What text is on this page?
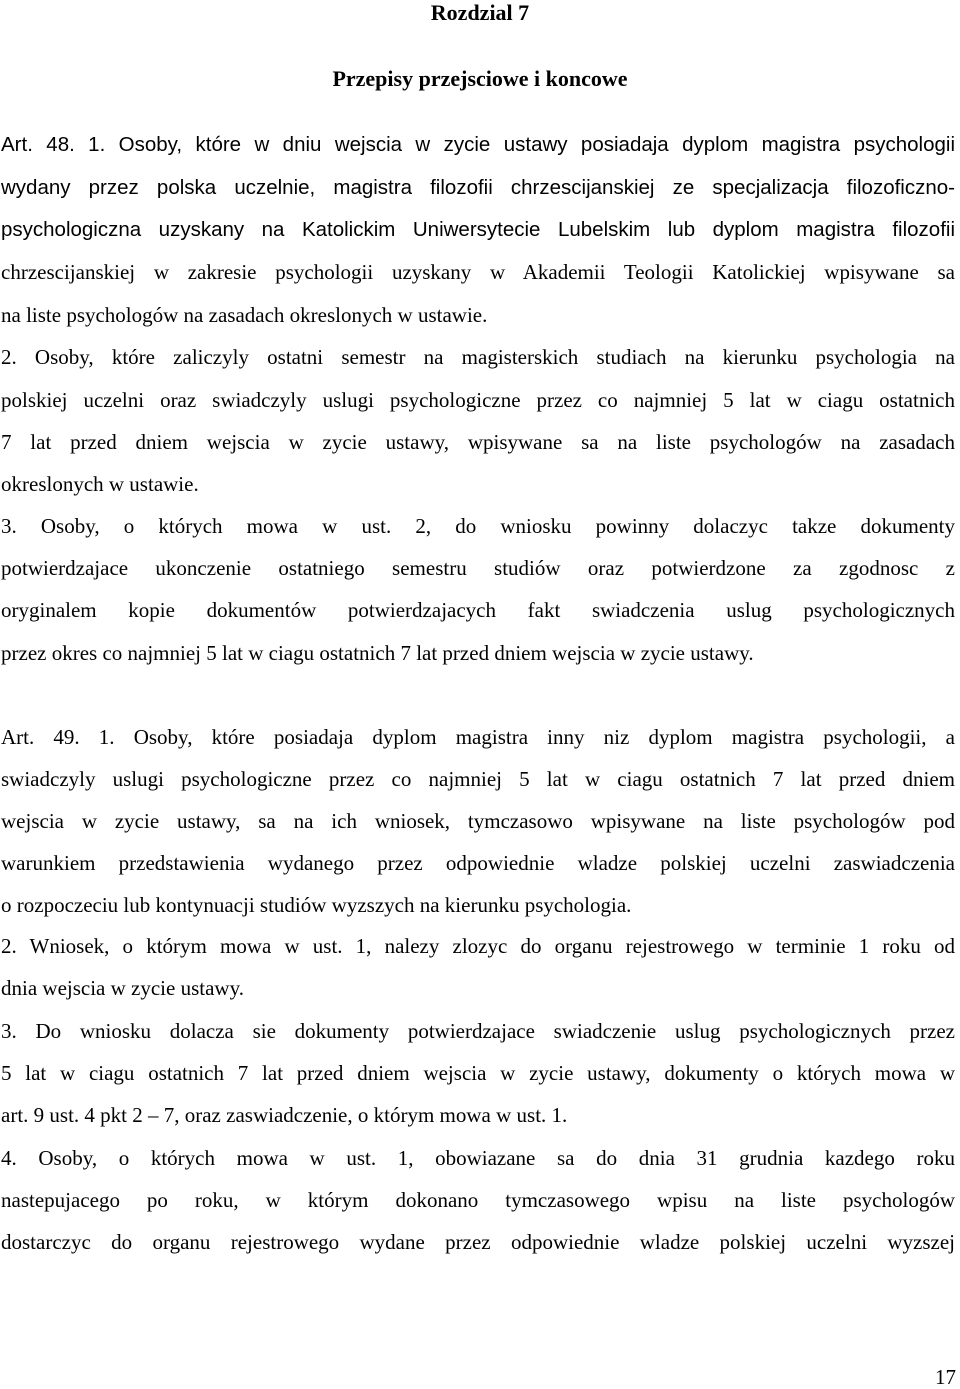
Rozdzial 7
Przepisy przejsciowe i koncowe
Art. 48. 1. Osoby, które w dniu wejscia w zycie ustawy posiadaja dyplom magistra psychologii
wydany przez polska uczelnie, magistra filozofii chrzescijanskiej ze specjalizacja filozoficzno-
psychologiczna uzyskany na Katolickim Uniwersytecie Lubelskim lub dyplom magistra filozofii
chrzescijanskiej w zakresie psychologii uzyskany w Akademii Teologii Katolickiej wpisywane sa
na liste psychologów na zasadach okreslonych w ustawie.
2. Osoby, które zaliczyly ostatni semestr na magisterskich studiach na kierunku psychologia na
polskiej uczelni oraz swiadczyly uslugi psychologiczne przez co najmniej 5 lat w ciagu ostatnich
7 lat przed dniem wejscia w zycie ustawy, wpisywane sa na liste psychologów na zasadach
okreslonych w ustawie.
3. Osoby, o których mowa w ust. 2, do wniosku powinny dolaczyc takze dokumenty
potwierdzajace ukonczenie ostatniego semestru studiów oraz potwierdzone za zgodnosc z
oryginalem kopie dokumentów potwierdzajacych fakt swiadczenia uslug psychologicznych
przez okres co najmniej 5 lat w ciagu ostatnich 7 lat przed dniem wejscia w zycie ustawy.
Art. 49. 1. Osoby, które posiadaja dyplom magistra inny niz dyplom magistra psychologii, a
swiadczyly uslugi psychologiczne przez co najmniej 5 lat w ciagu ostatnich 7 lat przed dniem
wejscia w zycie ustawy, sa na ich wniosek, tymczasowo wpisywane na liste psychologów pod
warunkiem przedstawienia wydanego przez odpowiednie wladze polskiej uczelni zaswiadczenia
o rozpoczeciu lub kontynuacji studiów wyzszych na kierunku psychologia.
2. Wniosek, o którym mowa w ust. 1, nalezy zlozyc do organu rejestrowego w terminie 1 roku od
dnia wejscia w zycie ustawy.
3. Do wniosku dolacza sie dokumenty potwierdzajace swiadczenie uslug psychologicznych przez
5 lat w ciagu ostatnich 7 lat przed dniem wejscia w zycie ustawy, dokumenty o których mowa w
art. 9 ust. 4 pkt 2 – 7, oraz zaswiadczenie, o którym mowa w ust. 1.
4. Osoby, o których mowa w ust. 1, obowiazane sa do dnia 31 grudnia kazdego roku
nastepujacego po roku, w którym dokonano tymczasowego wpisu na liste psychologów
dostarczyc do organu rejestrowego wydane przez odpowiednie wladze polskiej uczelni wyzszej
17
